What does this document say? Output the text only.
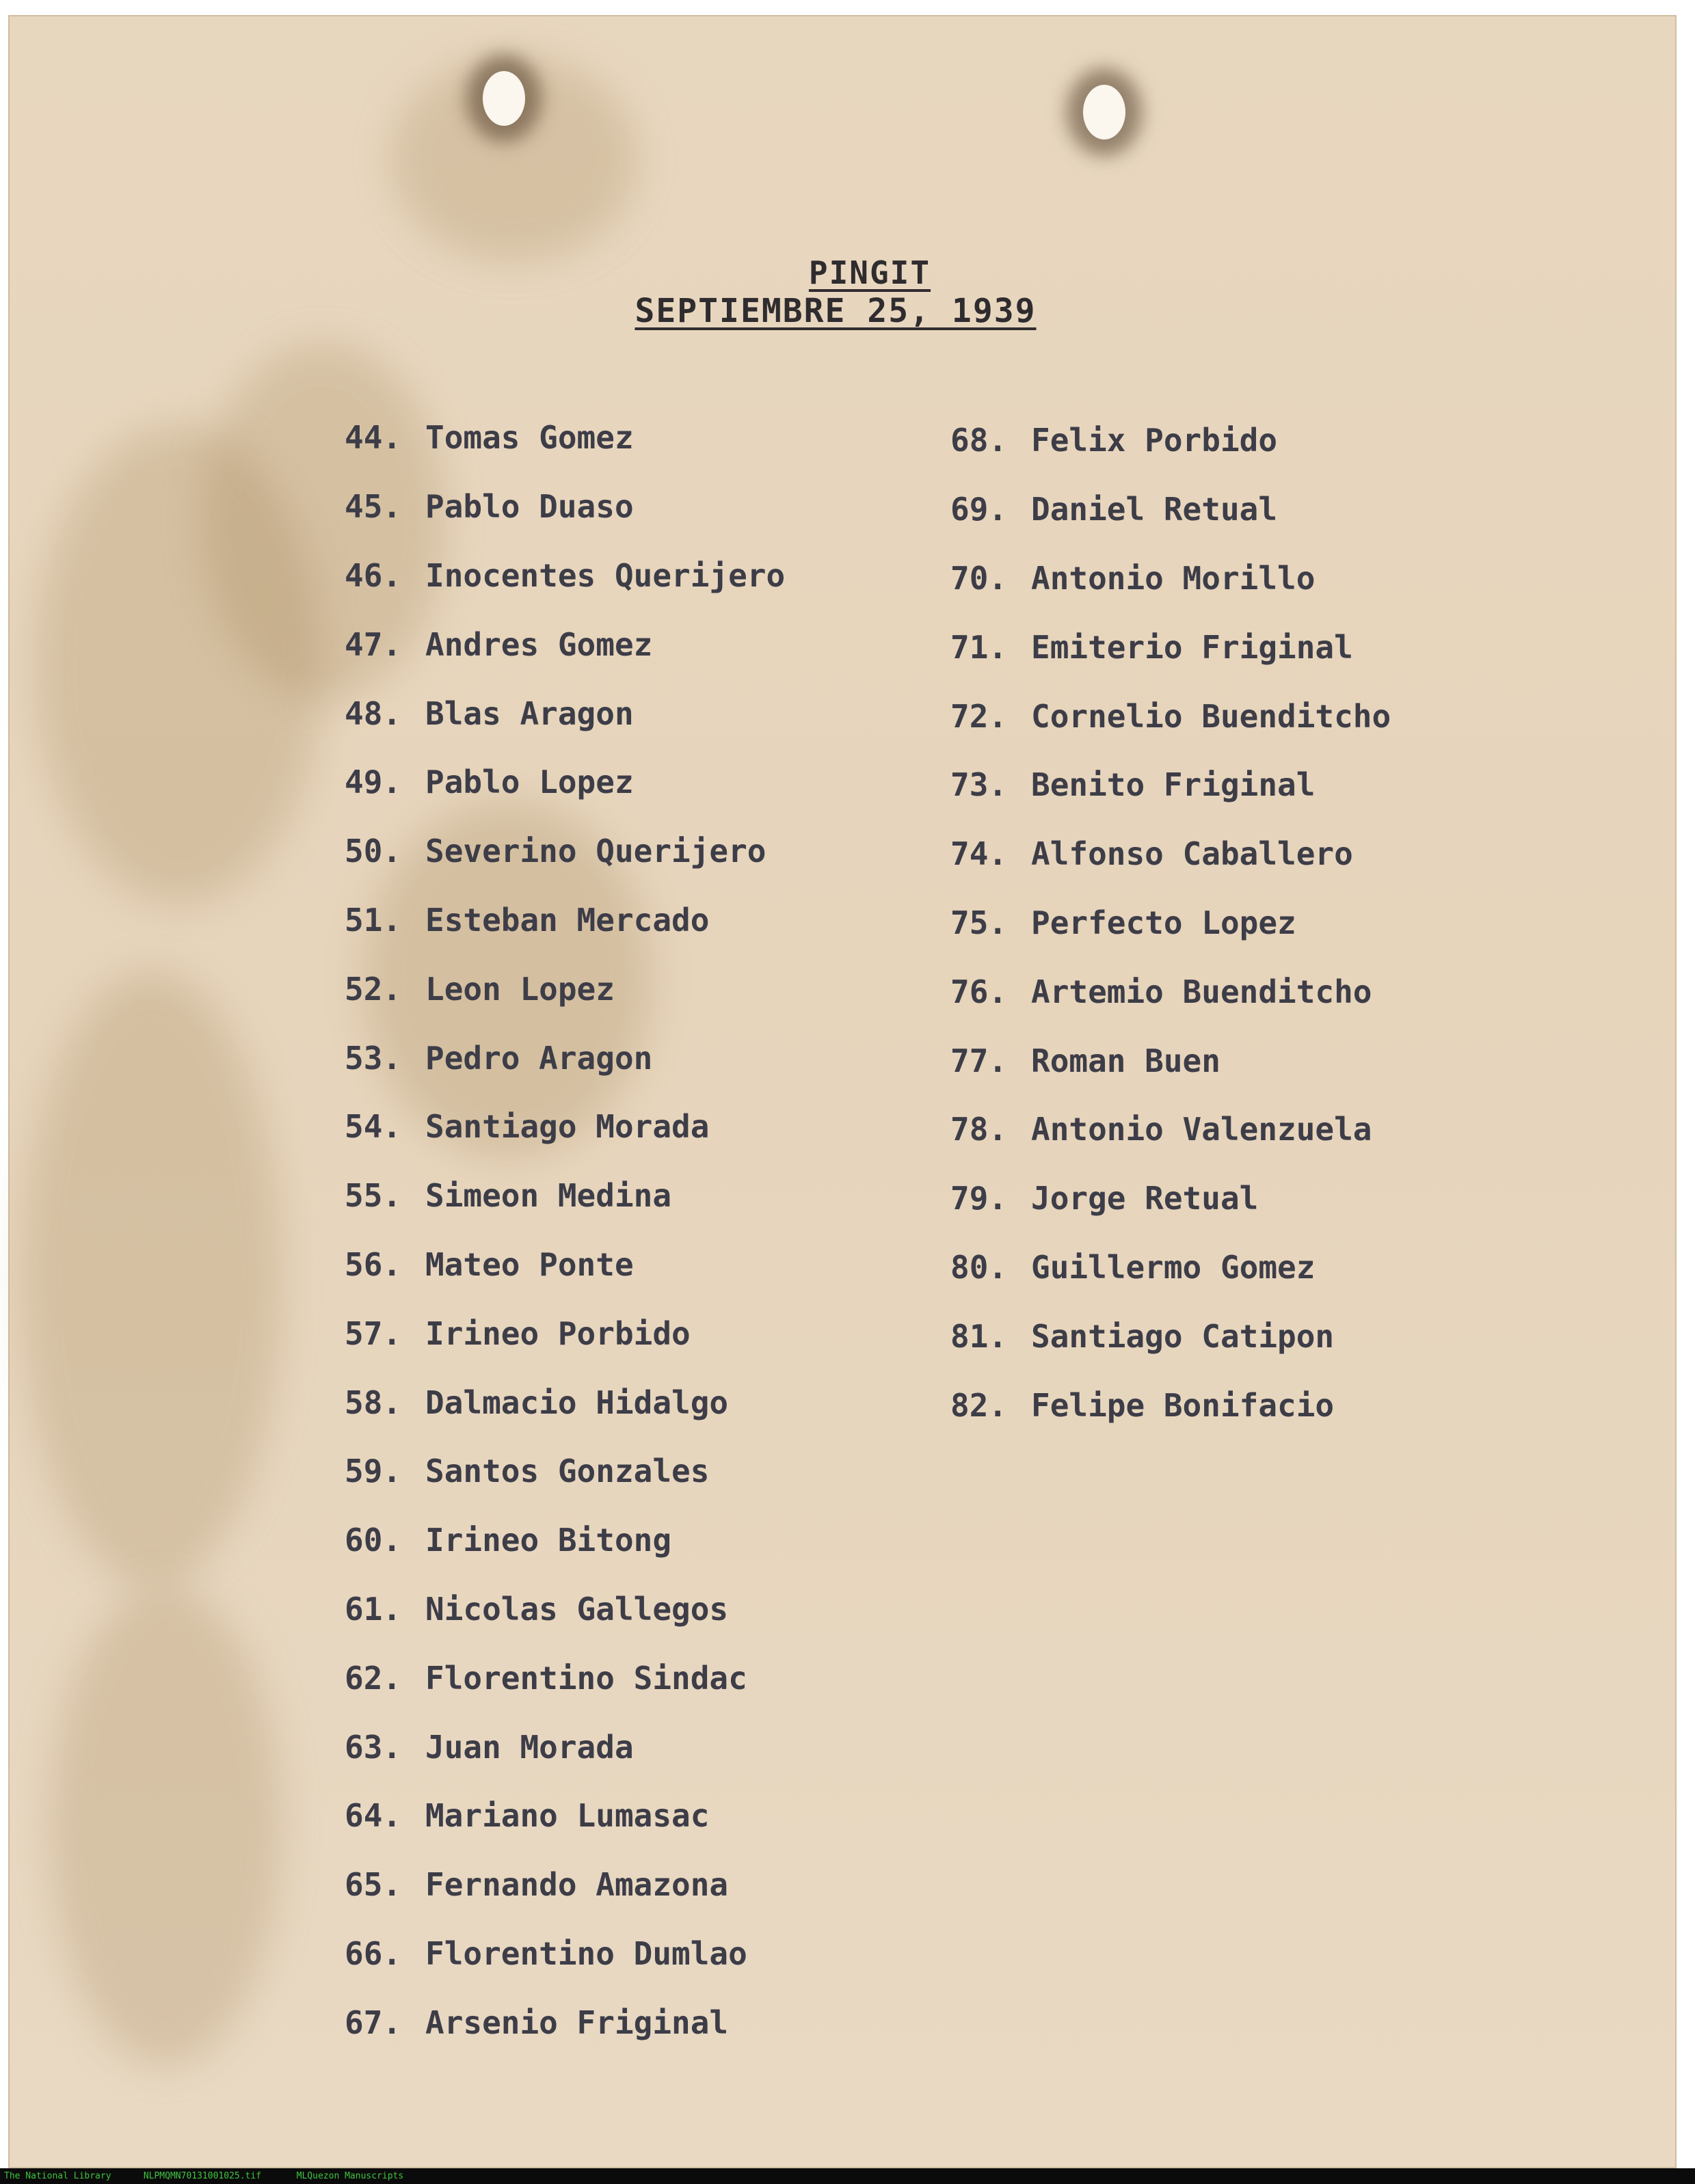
PINGIT
SEPTIEMBRE 25, 1939
44. Tomas Gomez
45. Pablo Duaso
46. Inocentes Querijero
47. Andres Gomez
48. Blas Aragon
49. Pablo Lopez
50. Severino Querijero
51. Esteban Mercado
52. Leon Lopez
53. Pedro Aragon
54. Santiago Morada
55. Simeon Medina
56. Mateo Ponte
57. Irineo Porbido
58. Dalmacio Hidalgo
59. Santos Gonzales
60. Irineo Bitong
61. Nicolas Gallegos
62. Florentino Sindac
63. Juan Morada
64. Mariano Lumasac
65. Fernando Amazona
66. Florentino Dumlao
67. Arsenio Friginal
68. Felix Porbido
69. Daniel Retual
70. Antonio Morillo
71. Emiterio Friginal
72. Cornelio Buenditcho
73. Benito Friginal
74. Alfonso Caballero
75. Perfecto Lopez
76. Artemio Buenditcho
77. Roman Buen
78. Antonio Valenzuela
79. Jorge Retual
80. Guillermo Gomez
81. Santiago Catipon
82. Felipe Bonifacio
The National Library	NLPMQMN70131001025.tif	MLQuezon Manuscripts
